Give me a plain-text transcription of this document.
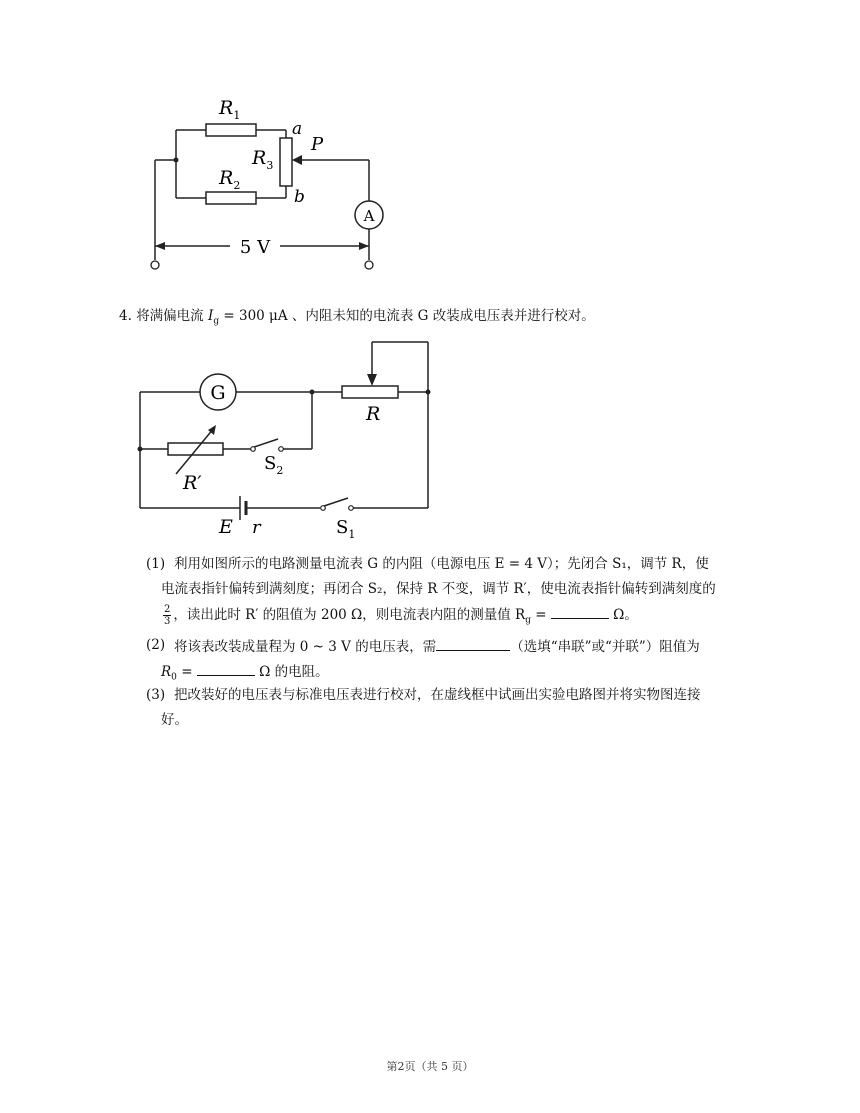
$R_1$
$R_2$
$R_3$
a
b
P
A
5 V
4. 将满偏电流 $I_g = 300$ μA 、内阻未知的电流表 G 改装成电压表并进行校对。
G
R
R′
$S_2$
E r	$S_1$
(1) 利用如图所示的电路测量电流表 G 的内阻（电源电压 E = 4 V）；先闭合 S₁，调节 R，使
电流表指针偏转到满刻度；再闭合 S₂，保持 R 不变，调节 R′，使电流表指针偏转到满刻度的
$\frac{2}{3}$ ，读出此时 R′ 的阻值为 200 Ω，则电流表内阻的测量值 $R_g$ =	Ω。
(2) 将该表改装成量程为 0 ~ 3 V 的电压表，需	（选填“串联”或“并联”）阻值为
$R_0$ =	Ω 的电阻。
(3) 把改装好的电压表与标准电压表进行校对，在虚线框中试画出实验电路图并将实物图连接
好。
第2页（共 5 页）
